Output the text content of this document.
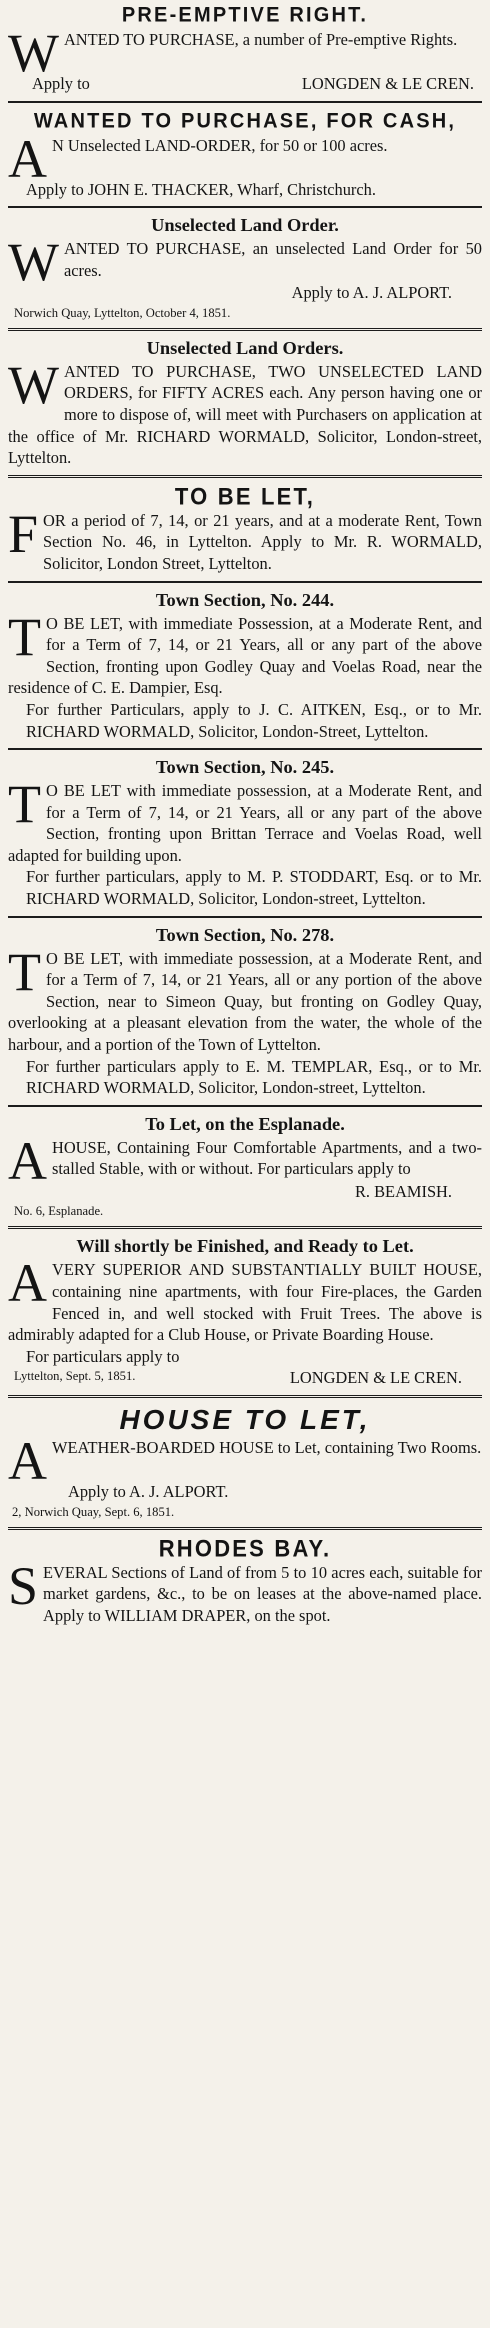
PRE-EMPTIVE RIGHT.

WANTED TO PURCHASE, a number of Pre-emptive Rights.

Apply to	LONGDEN & LE CREN.
WANTED TO PURCHASE, FOR CASH,

A N Unselected LAND-ORDER, for 50 or 100 acres.

Apply to JOHN E. THACKER, Wharf, Christchurch.

Unselected Land Order.

WANTED TO PURCHASE, an unselected Land Order for 50 acres.

Apply to A. J. ALPORT.

Norwich Quay, Lyttelton, October 4, 1851.

Unselected Land Orders.

WANTED TO PURCHASE, TWO UNSELECTED LAND ORDERS, for FIFTY ACRES each. Any person having one or more to dispose of, will meet with Purchasers on application at the office of Mr. RICHARD WORMALD, Solicitor, London-street, Lyttelton.

TO BE LET,

FOR a period of 7, 14, or 21 years, and at a moderate Rent, Town Section No. 46, in Lyttelton. Apply to Mr. R. WORMALD, Solicitor, London Street, Lyttelton.

Town Section, No. 244.

T O BE LET, with immediate Possession, at a Moderate Rent, and for a Term of 7, 14, or 21 Years, all or any part of the above Section, fronting upon Godley Quay and Voelas Road, near the residence of C. E. Dampier, Esq.

For further Particulars, apply to J. C. AITKEN, Esq., or to Mr. RICHARD WORMALD, Solicitor, London-Street, Lyttelton.

Town Section, No. 245.

T O BE LET with immediate possession, at a Moderate Rent, and for a Term of 7, 14, or 21 Years, all or any part of the above Section, fronting upon Brittan Terrace and Voelas Road, well adapted for building upon.

For further particulars, apply to M. P. STODDART, Esq. or to Mr. RICHARD WORMALD, Solicitor, London-street, Lyttelton.

Town Section, No. 278.

T O BE LET, with immediate possession, at a Moderate Rent, and for a Term of 7, 14, or 21 Years, all or any portion of the above Section, near to Simeon Quay, but fronting on Godley Quay, overlooking at a pleasant elevation from the water, the whole of the harbour, and a portion of the Town of Lyttelton.

For further particulars apply to E. M. TEMPLAR, Esq., or to Mr. RICHARD WORMALD, Solicitor, London-street, Lyttelton.

To Let, on the Esplanade.

A HOUSE, Containing Four Comfortable Apartments, and a two-stalled Stable, with or without. For particulars apply to

R. BEAMISH.

No. 6, Esplanade.

Will shortly be Finished, and Ready to Let.

A VERY SUPERIOR AND SUBSTANTIALLY BUILT HOUSE, containing nine apartments, with four Fire-places, the Garden Fenced in, and well stocked with Fruit Trees. The above is admirably adapted for a Club House, or Private Boarding House.

For particulars apply to

Lyttelton, Sept. 5, 1851.	LONGDEN & LE CREN.
HOUSE TO LET,

A WEATHER-BOARDED HOUSE to Let, containing Two Rooms.

Apply to A. J. ALPORT.

2, Norwich Quay, Sept. 6, 1851.

RHODES BAY.

SEVERAL Sections of Land of from 5 to 10 acres each, suitable for market gardens, &c., to be on leases at the above-named place. Apply to WILLIAM DRAPER, on the spot.
